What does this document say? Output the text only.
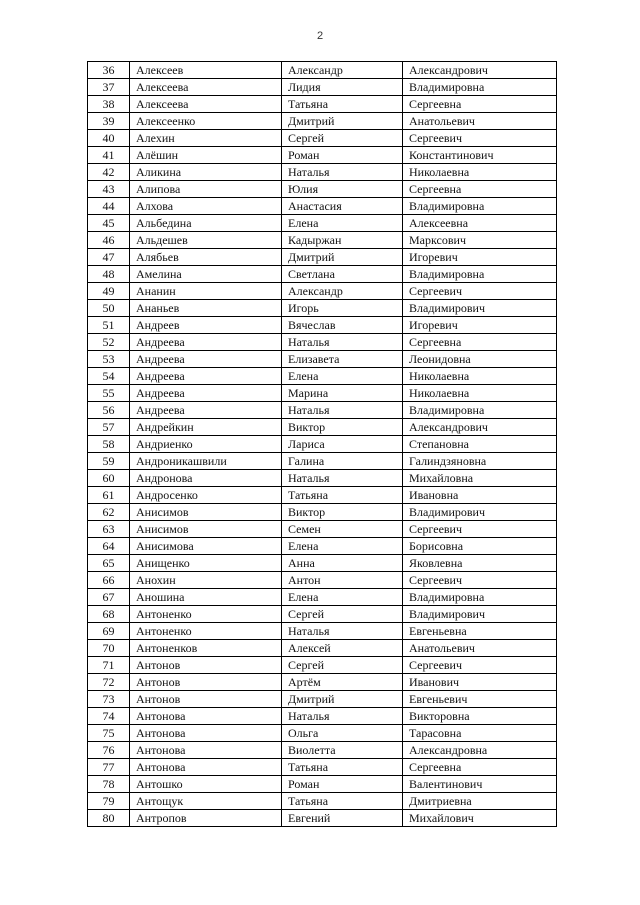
2
36	Алексеев	Александр	Александрович
37	Алексеева	Лидия	Владимировна
38	Алексеева	Татьяна	Сергеевна
39	Алексеенко	Дмитрий	Анатольевич
40	Алехин	Сергей	Сергеевич
41	Алёшин	Роман	Константинович
42	Аликина	Наталья	Николаевна
43	Алипова	Юлия	Сергеевна
44	Алхова	Анастасия	Владимировна
45	Альбедина	Елена	Алексеевна
46	Альдешев	Кадыржан	Марксович
47	Алябьев	Дмитрий	Игоревич
48	Амелина	Светлана	Владимировна
49	Ананин	Александр	Сергеевич
50	Ананьев	Игорь	Владимирович
51	Андреев	Вячеслав	Игоревич
52	Андреева	Наталья	Сергеевна
53	Андреева	Елизавета	Леонидовна
54	Андреева	Елена	Николаевна
55	Андреева	Марина	Николаевна
56	Андреева	Наталья	Владимировна
57	Андрейкин	Виктор	Александрович
58	Андриенко	Лариса	Степановна
59	Андроникашвили	Галина	Галиндзяновна
60	Андронова	Наталья	Михайловна
61	Андросенко	Татьяна	Ивановна
62	Анисимов	Виктор	Владимирович
63	Анисимов	Семен	Сергеевич
64	Анисимова	Елена	Борисовна
65	Анищенко	Анна	Яковлевна
66	Анохин	Антон	Сергеевич
67	Аношина	Елена	Владимировна
68	Антоненко	Сергей	Владимирович
69	Антоненко	Наталья	Евгеньевна
70	Антоненков	Алексей	Анатольевич
71	Антонов	Сергей	Сергеевич
72	Антонов	Артём	Иванович
73	Антонов	Дмитрий	Евгеньевич
74	Антонова	Наталья	Викторовна
75	Антонова	Ольга	Тарасовна
76	Антонова	Виолетта	Александровна
77	Антонова	Татьяна	Сергеевна
78	Антошко	Роман	Валентинович
79	Антощук	Татьяна	Дмитриевна
80	Антропов	Евгений	Михайлович
